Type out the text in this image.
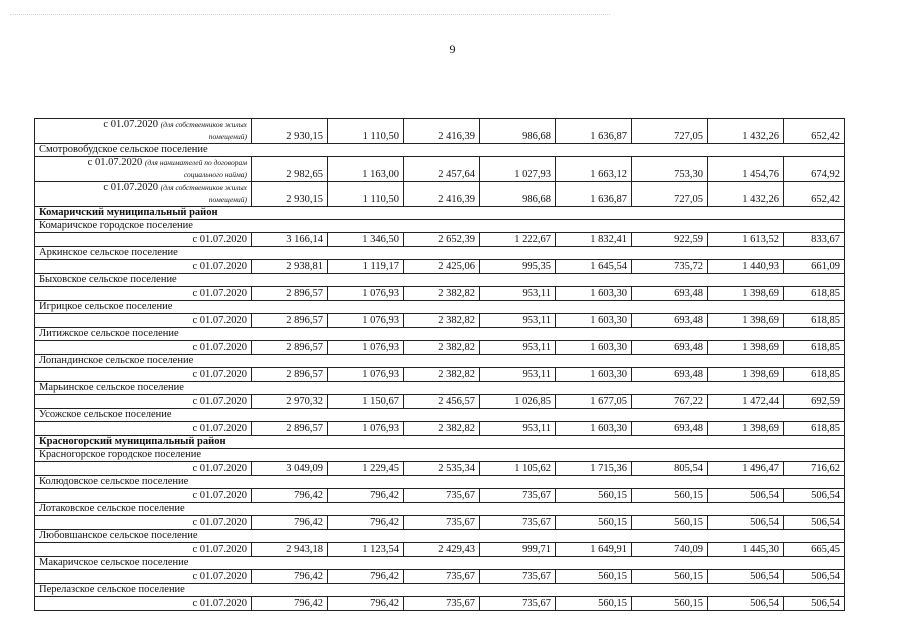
9
с 01.07.2020 (для собственников жилых
помещений)	2 930,15	1 110,50	2 416,39	986,68	1 636,87	727,05	1 432,26	652,42
Смотровобудское сельское поселение								

с 01.07.2020 (для нанимателей по договорам
социального найма)	2 982,65	1 163,00	2 457,64	1 027,93	1 663,12	753,30	1 454,76	674,92

с 01.07.2020 (для собственников жилых
помещений)	2 930,15	1 110,50	2 416,39	986,68	1 636,87	727,05	1 432,26	652,42
Комаричский муниципальный район								
Комаричское городское поселение								
с 01.07.2020	3 166,14	1 346,50	2 652,39	1 222,67	1 832,41	922,59	1 613,52	833,67
Аркинское сельское поселение								
с 01.07.2020	2 938,81	1 119,17	2 425,06	995,35	1 645,54	735,72	1 440,93	661,09
Быховское сельское поселение								
с 01.07.2020	2 896,57	1 076,93	2 382,82	953,11	1 603,30	693,48	1 398,69	618,85
Игрицкое сельское поселение								
с 01.07.2020	2 896,57	1 076,93	2 382,82	953,11	1 603,30	693,48	1 398,69	618,85
Литижское сельское поселение								
с 01.07.2020	2 896,57	1 076,93	2 382,82	953,11	1 603,30	693,48	1 398,69	618,85
Лопандинское сельское поселение								
с 01.07.2020	2 896,57	1 076,93	2 382,82	953,11	1 603,30	693,48	1 398,69	618,85
Марьинское сельское поселение								
с 01.07.2020	2 970,32	1 150,67	2 456,57	1 026,85	1 677,05	767,22	1 472,44	692,59
Усожское сельское поселение								
с 01.07.2020	2 896,57	1 076,93	2 382,82	953,11	1 603,30	693,48	1 398,69	618,85
Красногорский муниципальный район								
Красногорское городское поселение								
с 01.07.2020	3 049,09	1 229,45	2 535,34	1 105,62	1 715,36	805,54	1 496,47	716,62
Колюдовское сельское поселение								
с 01.07.2020	796,42	796,42	735,67	735,67	560,15	560,15	506,54	506,54
Лотаковское сельское поселение								
с 01.07.2020	796,42	796,42	735,67	735,67	560,15	560,15	506,54	506,54
Любовшанское сельское поселение								
с 01.07.2020	2 943,18	1 123,54	2 429,43	999,71	1 649,91	740,09	1 445,30	665,45
Макаричское сельское поселение								
с 01.07.2020	796,42	796,42	735,67	735,67	560,15	560,15	506,54	506,54
Перелазское сельское поселение								
с 01.07.2020	796,42	796,42	735,67	735,67	560,15	560,15	506,54	506,54
